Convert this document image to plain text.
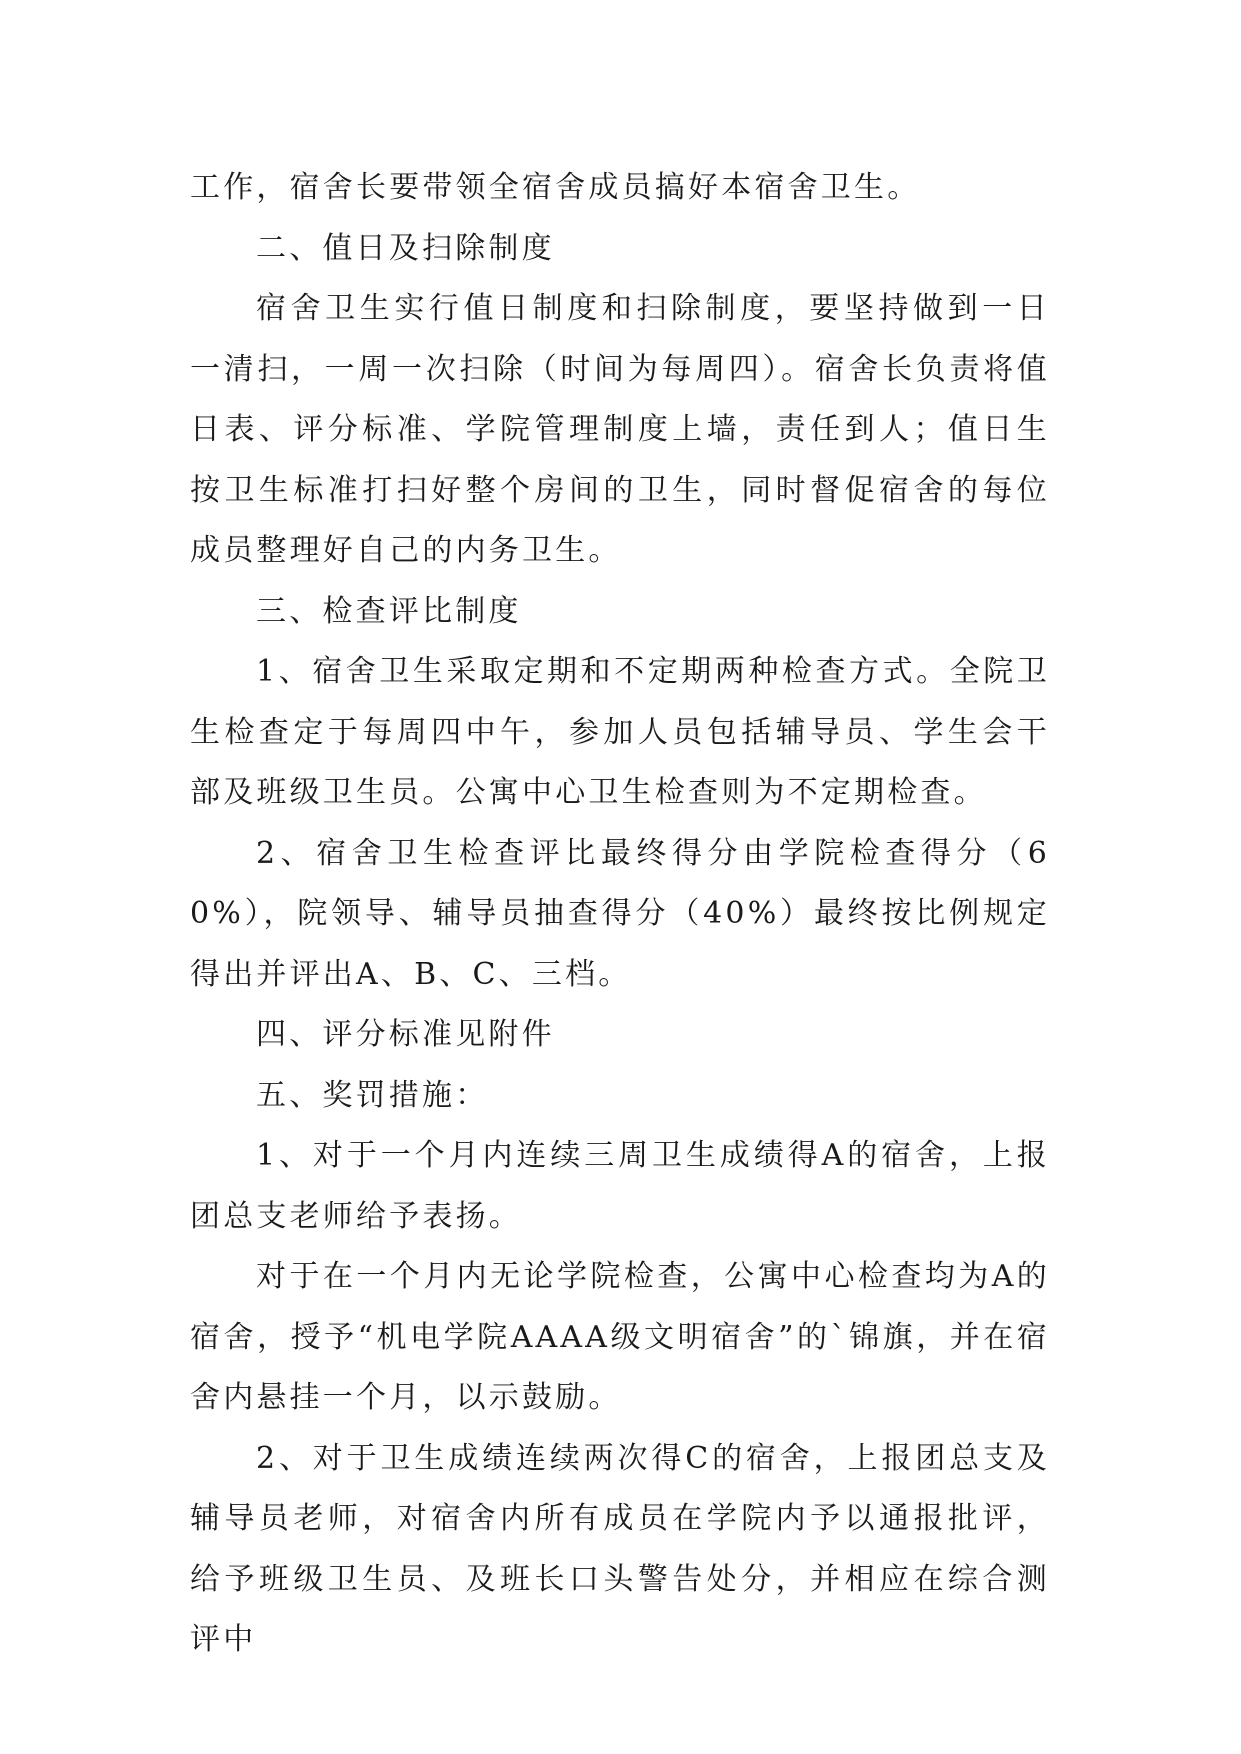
工作，宿舍长要带领全宿舍成员搞好本宿舍卫生。

二、值日及扫除制度

宿舍卫生实行值日制度和扫除制度，要坚持做到一日一清扫，一周一次扫除（时间为每周四）。宿舍长负责将值日表、评分标准、学院管理制度上墙，责任到人；值日生按卫生标准打扫好整个房间的卫生，同时督促宿舍的每位成员整理好自己的内务卫生。

三、检查评比制度

1、宿舍卫生采取定期和不定期两种检查方式。全院卫生检查定于每周四中午，参加人员包括辅导员、学生会干部及班级卫生员。公寓中心卫生检查则为不定期检查。

2、宿舍卫生检查评比最终得分由学院检查得分（60%），院领导、辅导员抽查得分（40%）最终按比例规定得出并评出A、B、C、三档。

四、评分标准见附件

五、奖罚措施：

1、对于一个月内连续三周卫生成绩得A的宿舍，上报团总支老师给予表扬。

对于在一个月内无论学院检查，公寓中心检查均为A的宿舍，授予“机电学院AAAA级文明宿舍”的`锦旗，并在宿舍内悬挂一个月，以示鼓励。

2、对于卫生成绩连续两次得C的宿舍，上报团总支及辅导员老师，对宿舍内所有成员在学院内予以通报批评，给予班级卫生员、及班长口头警告处分，并相应在综合测评中
